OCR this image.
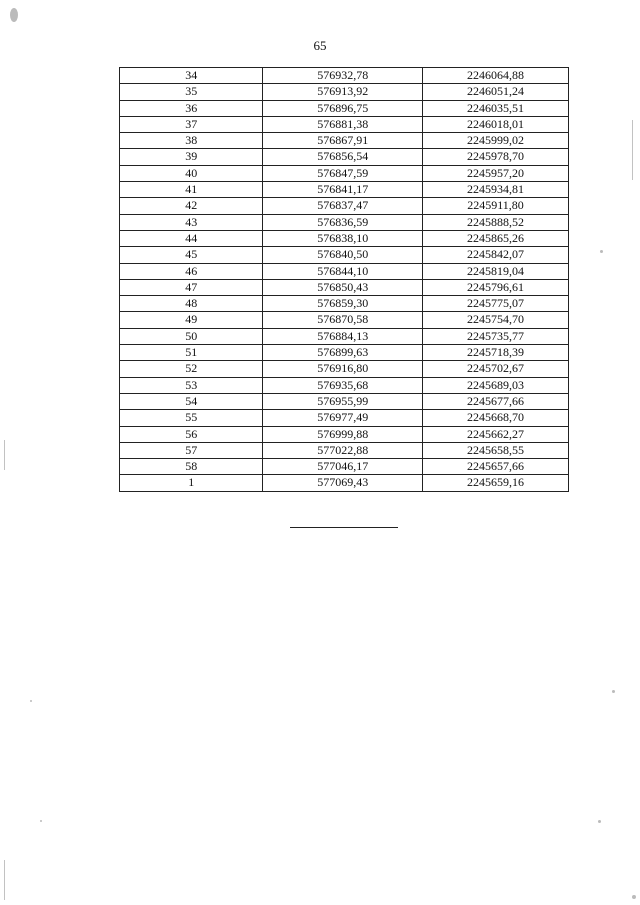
65
34	576932,78	2246064,88
35	576913,92	2246051,24
36	576896,75	2246035,51
37	576881,38	2246018,01
38	576867,91	2245999,02
39	576856,54	2245978,70
40	576847,59	2245957,20
41	576841,17	2245934,81
42	576837,47	2245911,80
43	576836,59	2245888,52
44	576838,10	2245865,26
45	576840,50	2245842,07
46	576844,10	2245819,04
47	576850,43	2245796,61
48	576859,30	2245775,07
49	576870,58	2245754,70
50	576884,13	2245735,77
51	576899,63	2245718,39
52	576916,80	2245702,67
53	576935,68	2245689,03
54	576955,99	2245677,66
55	576977,49	2245668,70
56	576999,88	2245662,27
57	577022,88	2245658,55
58	577046,17	2245657,66
1	577069,43	2245659,16
